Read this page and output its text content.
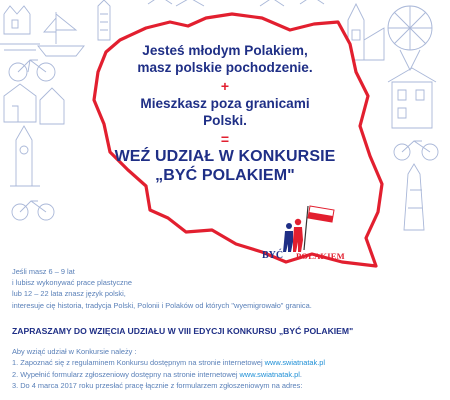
Jesteś młodym Polakiem,
masz polskie pochodzenie.
+
Mieszkasz poza granicami
Polski.
=
WEŹ UDZIAŁ W KONKURSIE
„BYĆ POLAKIEM"
BYĆ POLAKIEM
Jeśli masz 6 – 9 lat
i lubisz wykonywać prace plastyczne
lub 12 – 22 lata znasz język polski,
interesuje cię historia, tradycja Polski, Polonii i Polaków od których "wyemigrowało" granica.
ZAPRASZAMY DO WZIĘCIA UDZIAŁU W VIII EDYCJI KONKURSU „BYĆ POLAKIEM"
Aby wziąć udział w Konkursie należy :
1. Zapoznać się z regulaminem Konkursu dostępnym na stronie internetowej www.swiatnatak.pl
2. Wypełnić formularz zgłoszeniowy dostępny na stronie internetowej www.swiatnatak.pl.
3. Do 4 marca 2017 roku przesłać pracę łącznie z formularzem zgłoszeniowym na adres:
